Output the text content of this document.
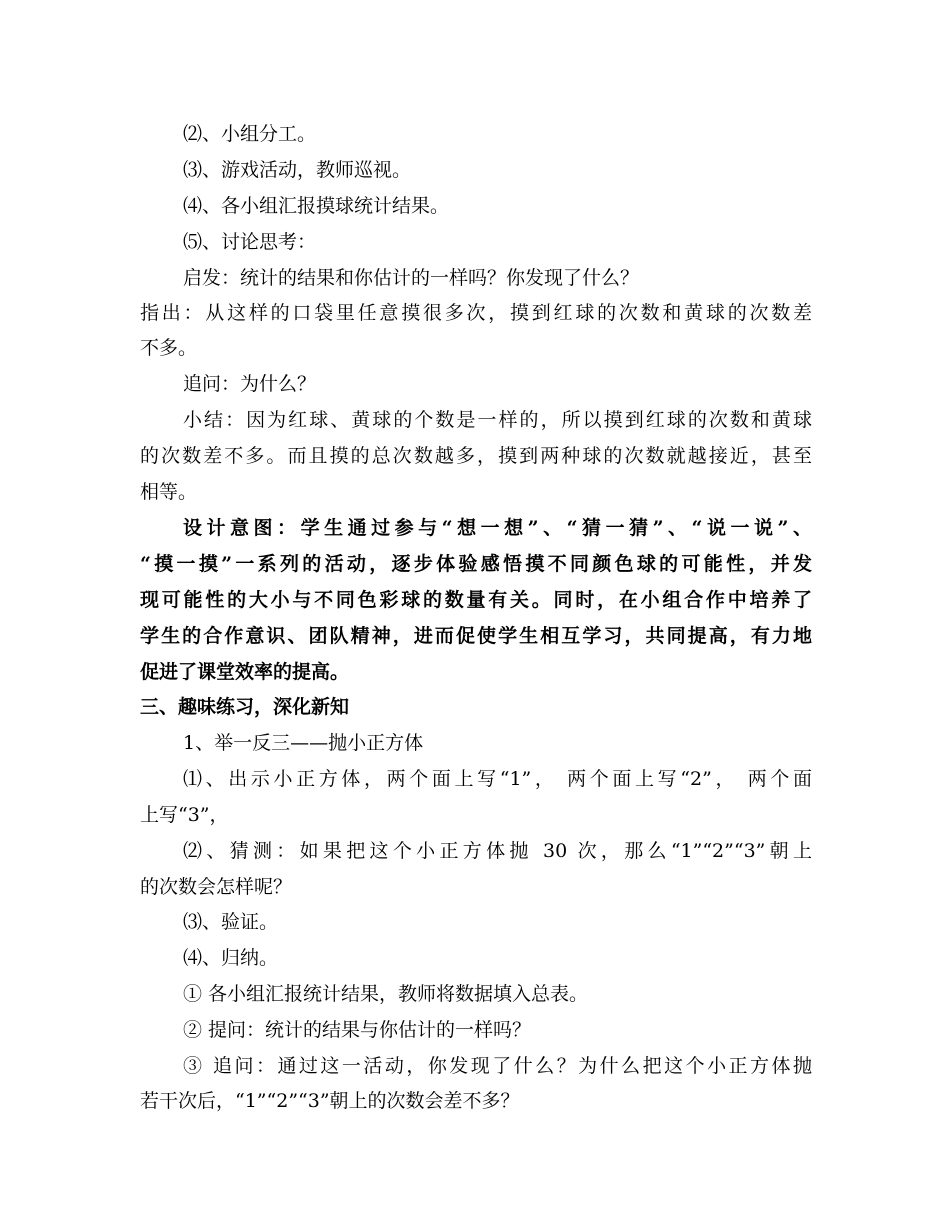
⑵、小组分工。
⑶、游戏活动，教师巡视。
⑷、各小组汇报摸球统计结果。
⑸、讨论思考：
启发：统计的结果和你估计的一样吗？你发现了什么？
指出：从这样的口袋里任意摸很多次，摸到红球的次数和黄球的次数差
不多。
追问：为什么？
小结：因为红球、黄球的个数是一样的，所以摸到红球的次数和黄球
的次数差不多。而且摸的总次数越多，摸到两种球的次数就越接近，甚至
相等。
设计意图：学生通过参与“想一想”、“猜一猜”、“说一说”、
“摸一摸”一系列的活动，逐步体验感悟摸不同颜色球的可能性，并发
现可能性的大小与不同色彩球的数量有关。同时，在小组合作中培养了
学生的合作意识、团队精神，进而促使学生相互学习，共同提高，有力地
促进了课堂效率的提高。
三、趣味练习，深化新知
1、举一反三——抛小正方体
⑴、出示小正方体，两个面上写“1”， 两个面上写“2”， 两个面
上写“3”，
⑵、猜测：如果把这个小正方体抛 30 次，那么“1”“2”“3”朝上
的次数会怎样呢？
⑶、验证。
⑷、归纳。
① 各小组汇报统计结果，教师将数据填入总表。
② 提问：统计的结果与你估计的一样吗？
③ 追问：通过这一活动，你发现了什么？为什么把这个小正方体抛
若干次后，“1”“2”“3”朝上的次数会差不多？
